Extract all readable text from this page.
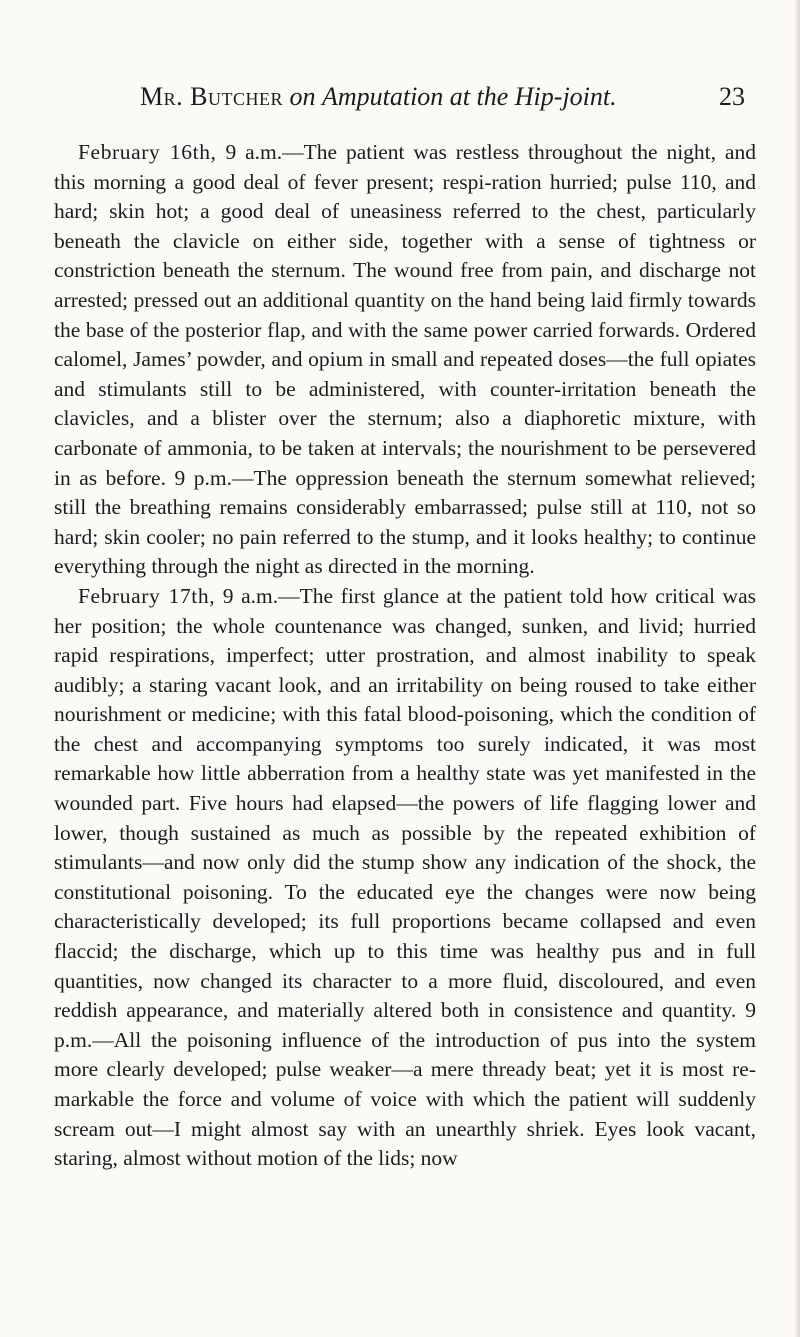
Mr. Butcher on Amputation at the Hip-joint.	23

February 16th, 9 a.m.—The patient was restless throughout the night, and this morning a good deal of fever present; respi-ration hurried; pulse 110, and hard; skin hot; a good deal of uneasiness referred to the chest, particularly beneath the clavicle on either side, together with a sense of tightness or constriction beneath the sternum. The wound free from pain, and discharge not arrested; pressed out an additional quantity on the hand being laid firmly towards the base of the posterior flap, and with the same power carried forwards. Ordered calomel, James’ powder, and opium in small and repeated doses—the full opiates and stimulants still to be administered, with counter-irritation beneath the clavicles, and a blister over the sternum; also a diaphoretic mixture, with carbonate of ammonia, to be taken at intervals; the nourishment to be persevered in as before. 9 p.m.—The oppression beneath the sternum somewhat relieved; still the breathing remains considerably embarrassed; pulse still at 110, not so hard; skin cooler; no pain referred to the stump, and it looks healthy; to continue everything through the night as directed in the morning.

February 17th, 9 a.m.—The first glance at the patient told how critical was her position; the whole countenance was changed, sunken, and livid; hurried rapid respirations, imperfect; utter prostration, and almost inability to speak audibly; a staring vacant look, and an irritability on being roused to take either nourishment or medicine; with this fatal blood-poisoning, which the condition of the chest and accompanying symptoms too surely indicated, it was most remarkable how little abberration from a healthy state was yet manifested in the wounded part. Five hours had elapsed—the powers of life flagging lower and lower, though sustained as much as possible by the repeated exhibition of stimulants—and now only did the stump show any indication of the shock, the constitutional poisoning. To the educated eye the changes were now being characteristically developed; its full proportions became collapsed and even flaccid; the discharge, which up to this time was healthy pus and in full quantities, now changed its character to a more fluid, discoloured, and even reddish appearance, and materially altered both in consistence and quantity. 9 p.m.—All the poisoning influence of the introduction of pus into the system more clearly developed; pulse weaker—a mere thready beat; yet it is most re-markable the force and volume of voice with which the patient will suddenly scream out—I might almost say with an unearthly shriek. Eyes look vacant, staring, almost without motion of the lids; now
